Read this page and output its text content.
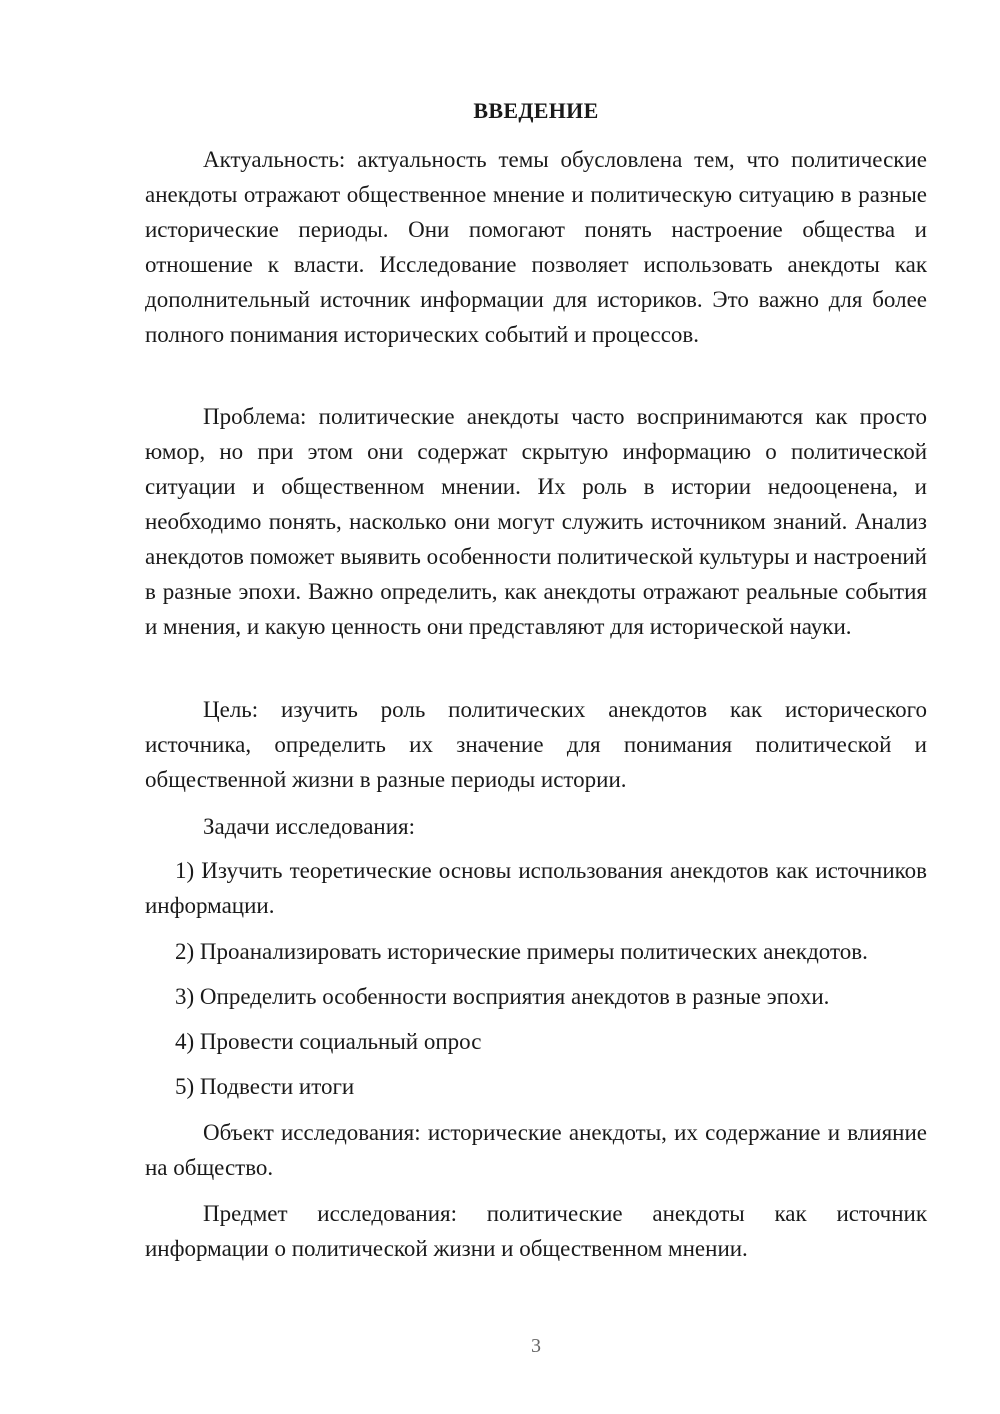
ВВЕДЕНИЕ

Актуальность: актуальность темы обусловлена тем, что политические анекдоты отражают общественное мнение и политическую ситуацию в разные исторические периоды. Они помогают понять настроение общества и отношение к власти. Исследование позволяет использовать анекдоты как дополнительный источник информации для историков. Это важно для более полного понимания исторических событий и процессов.

Проблема: политические анекдоты часто воспринимаются как просто юмор, но при этом они содержат скрытую информацию о политической ситуации и общественном мнении. Их роль в истории недооценена, и необходимо понять, насколько они могут служить источником знаний. Анализ анекдотов поможет выявить особенности политической культуры и настроений в разные эпохи. Важно определить, как анекдоты отражают реальные события и мнения, и какую ценность они представляют для исторической науки.

Цель: изучить роль политических анекдотов как исторического источника, определить их значение для понимания политической и общественной жизни в разные периоды истории.

Задачи исследования:

1) Изучить теоретические основы использования анекдотов как источников информации.

2) Проанализировать исторические примеры политических анекдотов.

3) Определить особенности восприятия анекдотов в разные эпохи.

4) Провести социальный опрос

5) Подвести итоги

Объект исследования: исторические анекдоты, их содержание и влияние на общество.

Предмет исследования: политические анекдоты как источник информации о политической жизни и общественном мнении.

3
